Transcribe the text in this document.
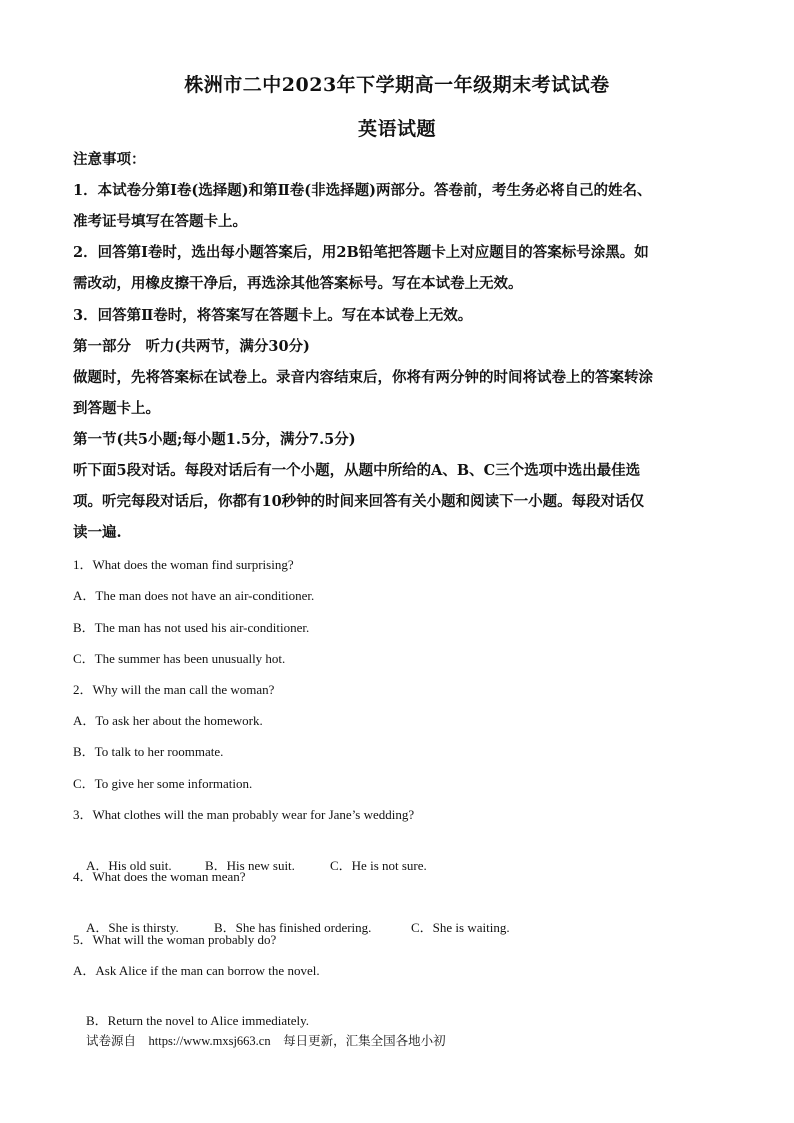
株洲市二中2023年下学期高一年级期末考试试卷
英语试题
注意事项：
1．本试卷分第Ⅰ卷(选择题)和第Ⅱ卷(非选择题)两部分。答卷前，考生务必将自己的姓名、
准考证号填写在答题卡上。
2．回答第Ⅰ卷时，选出每小题答案后，用2B铅笔把答题卡上对应题目的答案标号涂黑。如
需改动，用橡皮擦干净后，再选涂其他答案标号。写在本试卷上无效。
3．回答第Ⅱ卷时，将答案写在答题卡上。写在本试卷上无效。
第一部分　听力(共两节，满分30分)
做题时，先将答案标在试卷上。录音内容结束后，你将有两分钟的时间将试卷上的答案转涂
到答题卡上。
第一节(共5小题;每小题1.5分，满分7.5分)
听下面5段对话。每段对话后有一个小题，从题中所给的A、B、C三个选项中选出最佳选
项。听完每段对话后，你都有10秒钟的时间来回答有关小题和阅读下一小题。每段对话仅
读一遍.
1．What does the woman find surprising?
A．The man does not have an air-conditioner.
B．The man has not used his air-conditioner.
C．The summer has been unusually hot.
2．Why will the man call the woman?
A．To ask her about the homework.
B．To talk to her roommate.
C．To give her some information.
3．What clothes will the man probably wear for Jane’s wedding?

A．His old suit.	B．His new suit.	C．He is not sure.

4．What does the woman mean?

A．She is thirsty.	B．She has finished ordering.	C．She is waiting.

5．What will the woman probably do?
A．Ask Alice if the man can borrow the novel.

B．Return the novel to Alice immediately.
试卷源自　https://www.mxsj663.cn　每日更新，汇集全国各地小初
